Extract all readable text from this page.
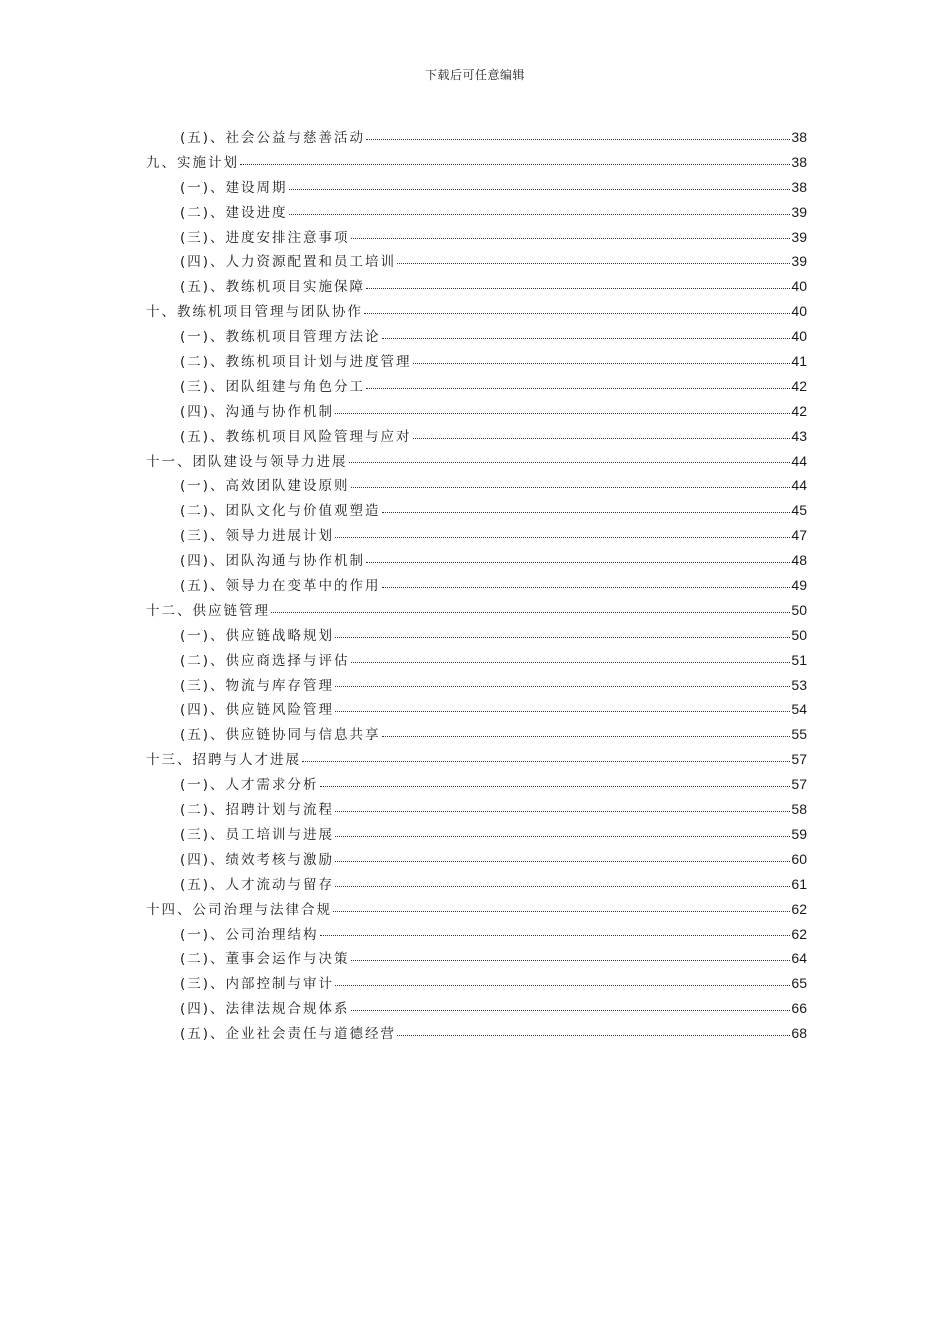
下载后可任意编辑
(五)、社会公益与慈善活动	38
九、实施计划	38
(一)、建设周期	38
(二)、建设进度	39
(三)、进度安排注意事项	39
(四)、人力资源配置和员工培训	39
(五)、教练机项目实施保障	40
十、教练机项目管理与团队协作	40
(一)、教练机项目管理方法论	40
(二)、教练机项目计划与进度管理	41
(三)、团队组建与角色分工	42
(四)、沟通与协作机制	42
(五)、教练机项目风险管理与应对	43
十一、团队建设与领导力进展	44
(一)、高效团队建设原则	44
(二)、团队文化与价值观塑造	45
(三)、领导力进展计划	47
(四)、团队沟通与协作机制	48
(五)、领导力在变革中的作用	49
十二、供应链管理	50
(一)、供应链战略规划	50
(二)、供应商选择与评估	51
(三)、物流与库存管理	53
(四)、供应链风险管理	54
(五)、供应链协同与信息共享	55
十三、招聘与人才进展	57
(一)、人才需求分析	57
(二)、招聘计划与流程	58
(三)、员工培训与进展	59
(四)、绩效考核与激励	60
(五)、人才流动与留存	61
十四、公司治理与法律合规	62
(一)、公司治理结构	62
(二)、董事会运作与决策	64
(三)、内部控制与审计	65
(四)、法律法规合规体系	66
(五)、企业社会责任与道德经营	68
